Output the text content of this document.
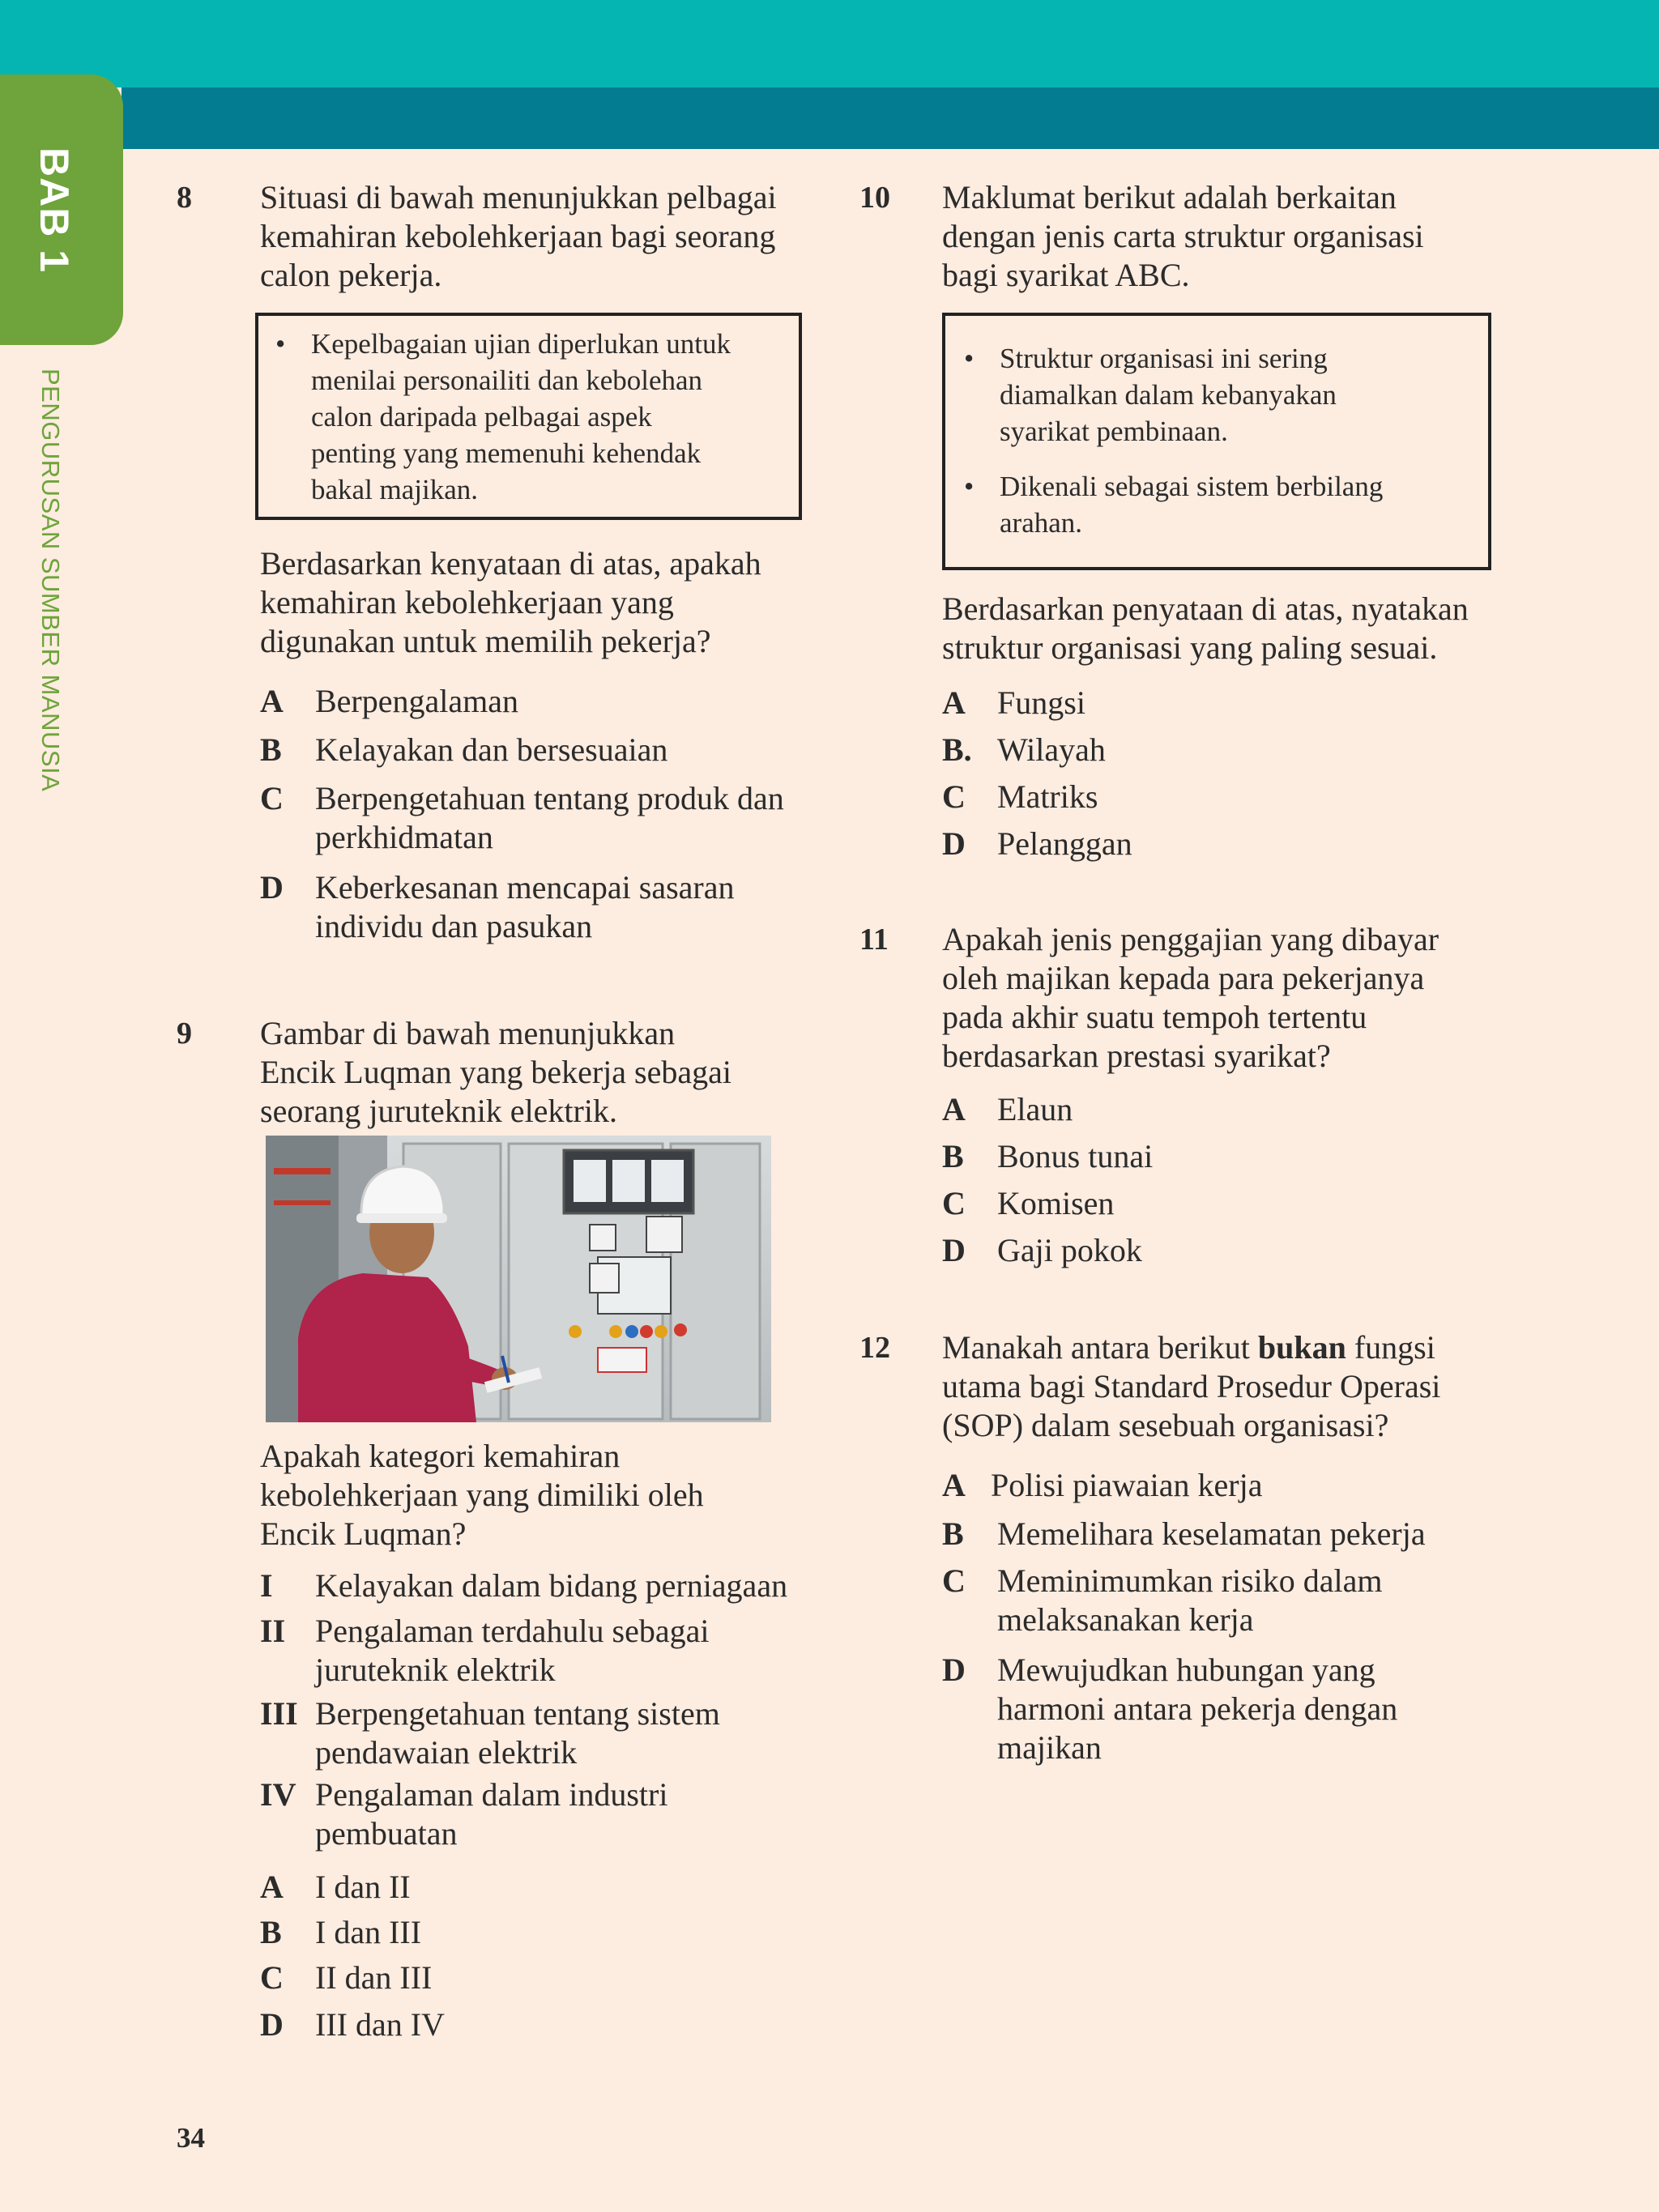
BAB 1
PENGURUSAN SUMBER MANUSIA
8 Situasi di bawah menunjukkan pelbagai
kemahiran kebolehkerjaan bagi seorang
calon pekerja.
• Kepelbagaian ujian diperlukan untuk
menilai personailiti dan kebolehan
calon daripada pelbagai aspek
penting yang memenuhi kehendak
bakal majikan.
Berdasarkan kenyataan di atas, apakah
kemahiran kebolehkerjaan yang
digunakan untuk memilih pekerja?
A Berpengalaman
B Kelayakan dan bersesuaian
C Berpengetahuan tentang produk dan
perkhidmatan
D Keberkesanan mencapai sasaran
individu dan pasukan
9 Gambar di bawah menunjukkan
Encik Luqman yang bekerja sebagai
seorang juruteknik elektrik.
Apakah kategori kemahiran
kebolehkerjaan yang dimiliki oleh
Encik Luqman?
I Kelayakan dalam bidang perniagaan
II Pengalaman terdahulu sebagai
juruteknik elektrik
III Berpengetahuan tentang sistem
pendawaian elektrik
IV Pengalaman dalam industri
pembuatan
A I dan II
B I dan III
C II dan III
D III dan IV
10 Maklumat berikut adalah berkaitan
dengan jenis carta struktur organisasi
bagi syarikat ABC.
• Struktur organisasi ini sering
diamalkan dalam kebanyakan
syarikat pembinaan.
• Dikenali sebagai sistem berbilang
arahan.
Berdasarkan penyataan di atas, nyatakan
struktur organisasi yang paling sesuai.
A Fungsi
B. Wilayah
C Matriks
D Pelanggan
11 Apakah jenis penggajian yang dibayar
oleh majikan kepada para pekerjanya
pada akhir suatu tempoh tertentu
berdasarkan prestasi syarikat?
A Elaun
B Bonus tunai
C Komisen
D Gaji pokok
12 Manakah antara berikut bukan fungsi
utama bagi Standard Prosedur Operasi
(SOP) dalam sesebuah organisasi?
A Polisi piawaian kerja
B Memelihara keselamatan pekerja
C Meminimumkan risiko dalam
melaksanakan kerja
D Mewujudkan hubungan yang
harmoni antara pekerja dengan
majikan
34
